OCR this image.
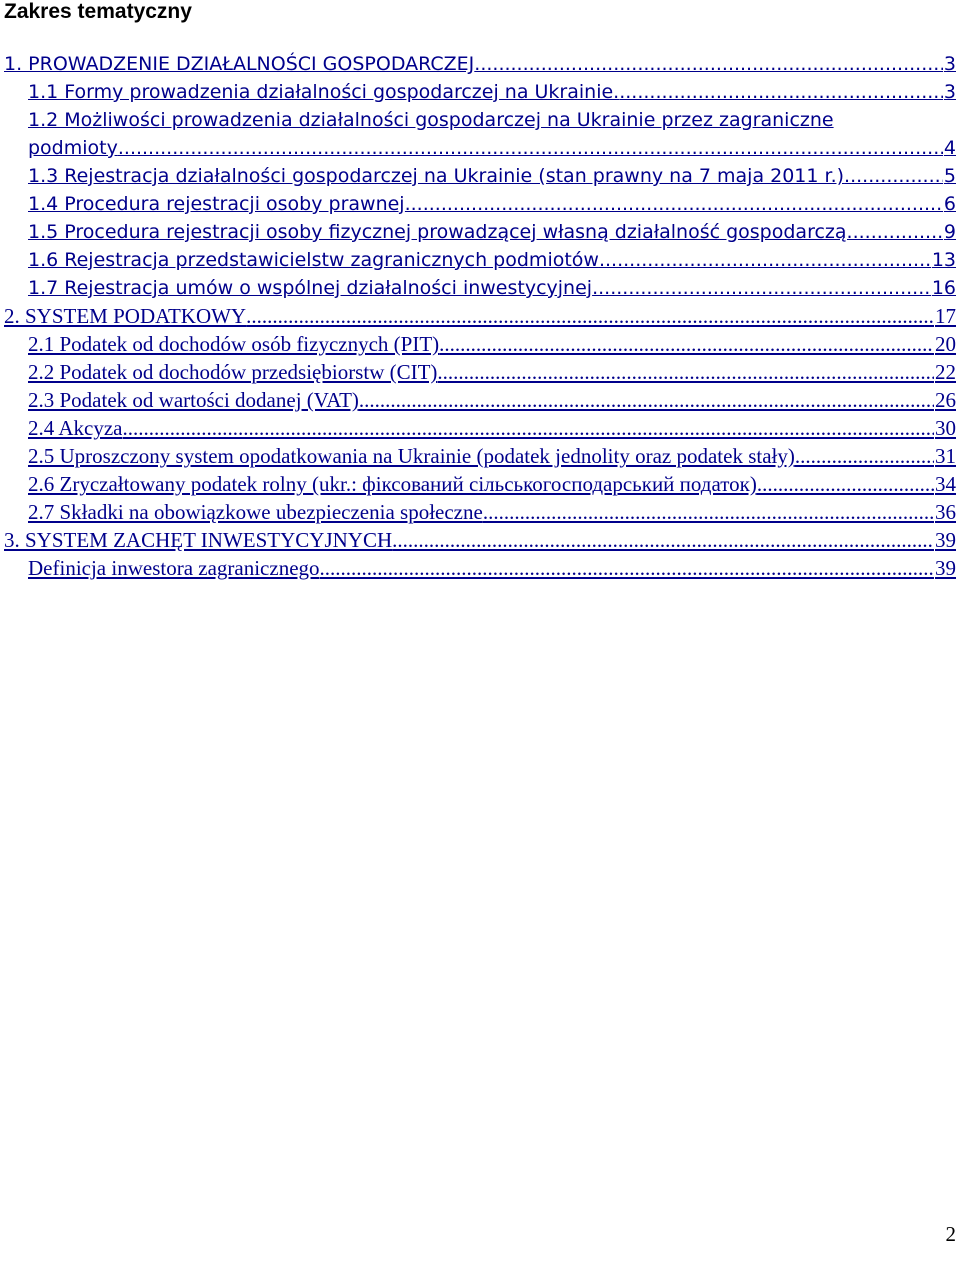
Zakres tematyczny
1. PROWADZENIE DZIAŁALNOŚCI GOSPODARCZEJ .....	3
1.1 Formy prowadzenia działalności gospodarczej na Ukrainie. .....	3
1.2 Możliwości prowadzenia działalności gospodarczej na Ukrainie przez zagraniczne
podmioty .....	4
1.3 Rejestracja działalności gospodarczej na Ukrainie (stan prawny na 7 maja 2011 r.) .....	5
1.4 Procedura rejestracji osoby prawnej .....	6
1.5 Procedura rejestracji osoby fizycznej prowadzącej własną działalność gospodarczą .....	9
1.6 Rejestracja przedstawicielstw zagranicznych podmiotów .....	13
1.7 Rejestracja umów o wspólnej działalności inwestycyjnej .....	16
2. SYSTEM PODATKOWY .....	17
2.1 Podatek od dochodów osób fizycznych (PIT) .....	20
2.2 Podatek od dochodów przedsiębiorstw (CIT) .....	22
2.3 Podatek od wartości dodanej (VAT) .....	26
2.4 Akcyza .....	30
2.5 Uproszczony system opodatkowania na Ukrainie (podatek jednolity oraz podatek stały) .....	31
2.6 Zryczałtowany podatek rolny (ukr.: фіксований сільськогосподарський податок) .....	34
2.7 Składki na obowiązkowe ubezpieczenia społeczne .....	36
3. SYSTEM ZACHĘT INWESTYCYJNYCH .....	39
Definicja inwestora zagranicznego .....	39
2
